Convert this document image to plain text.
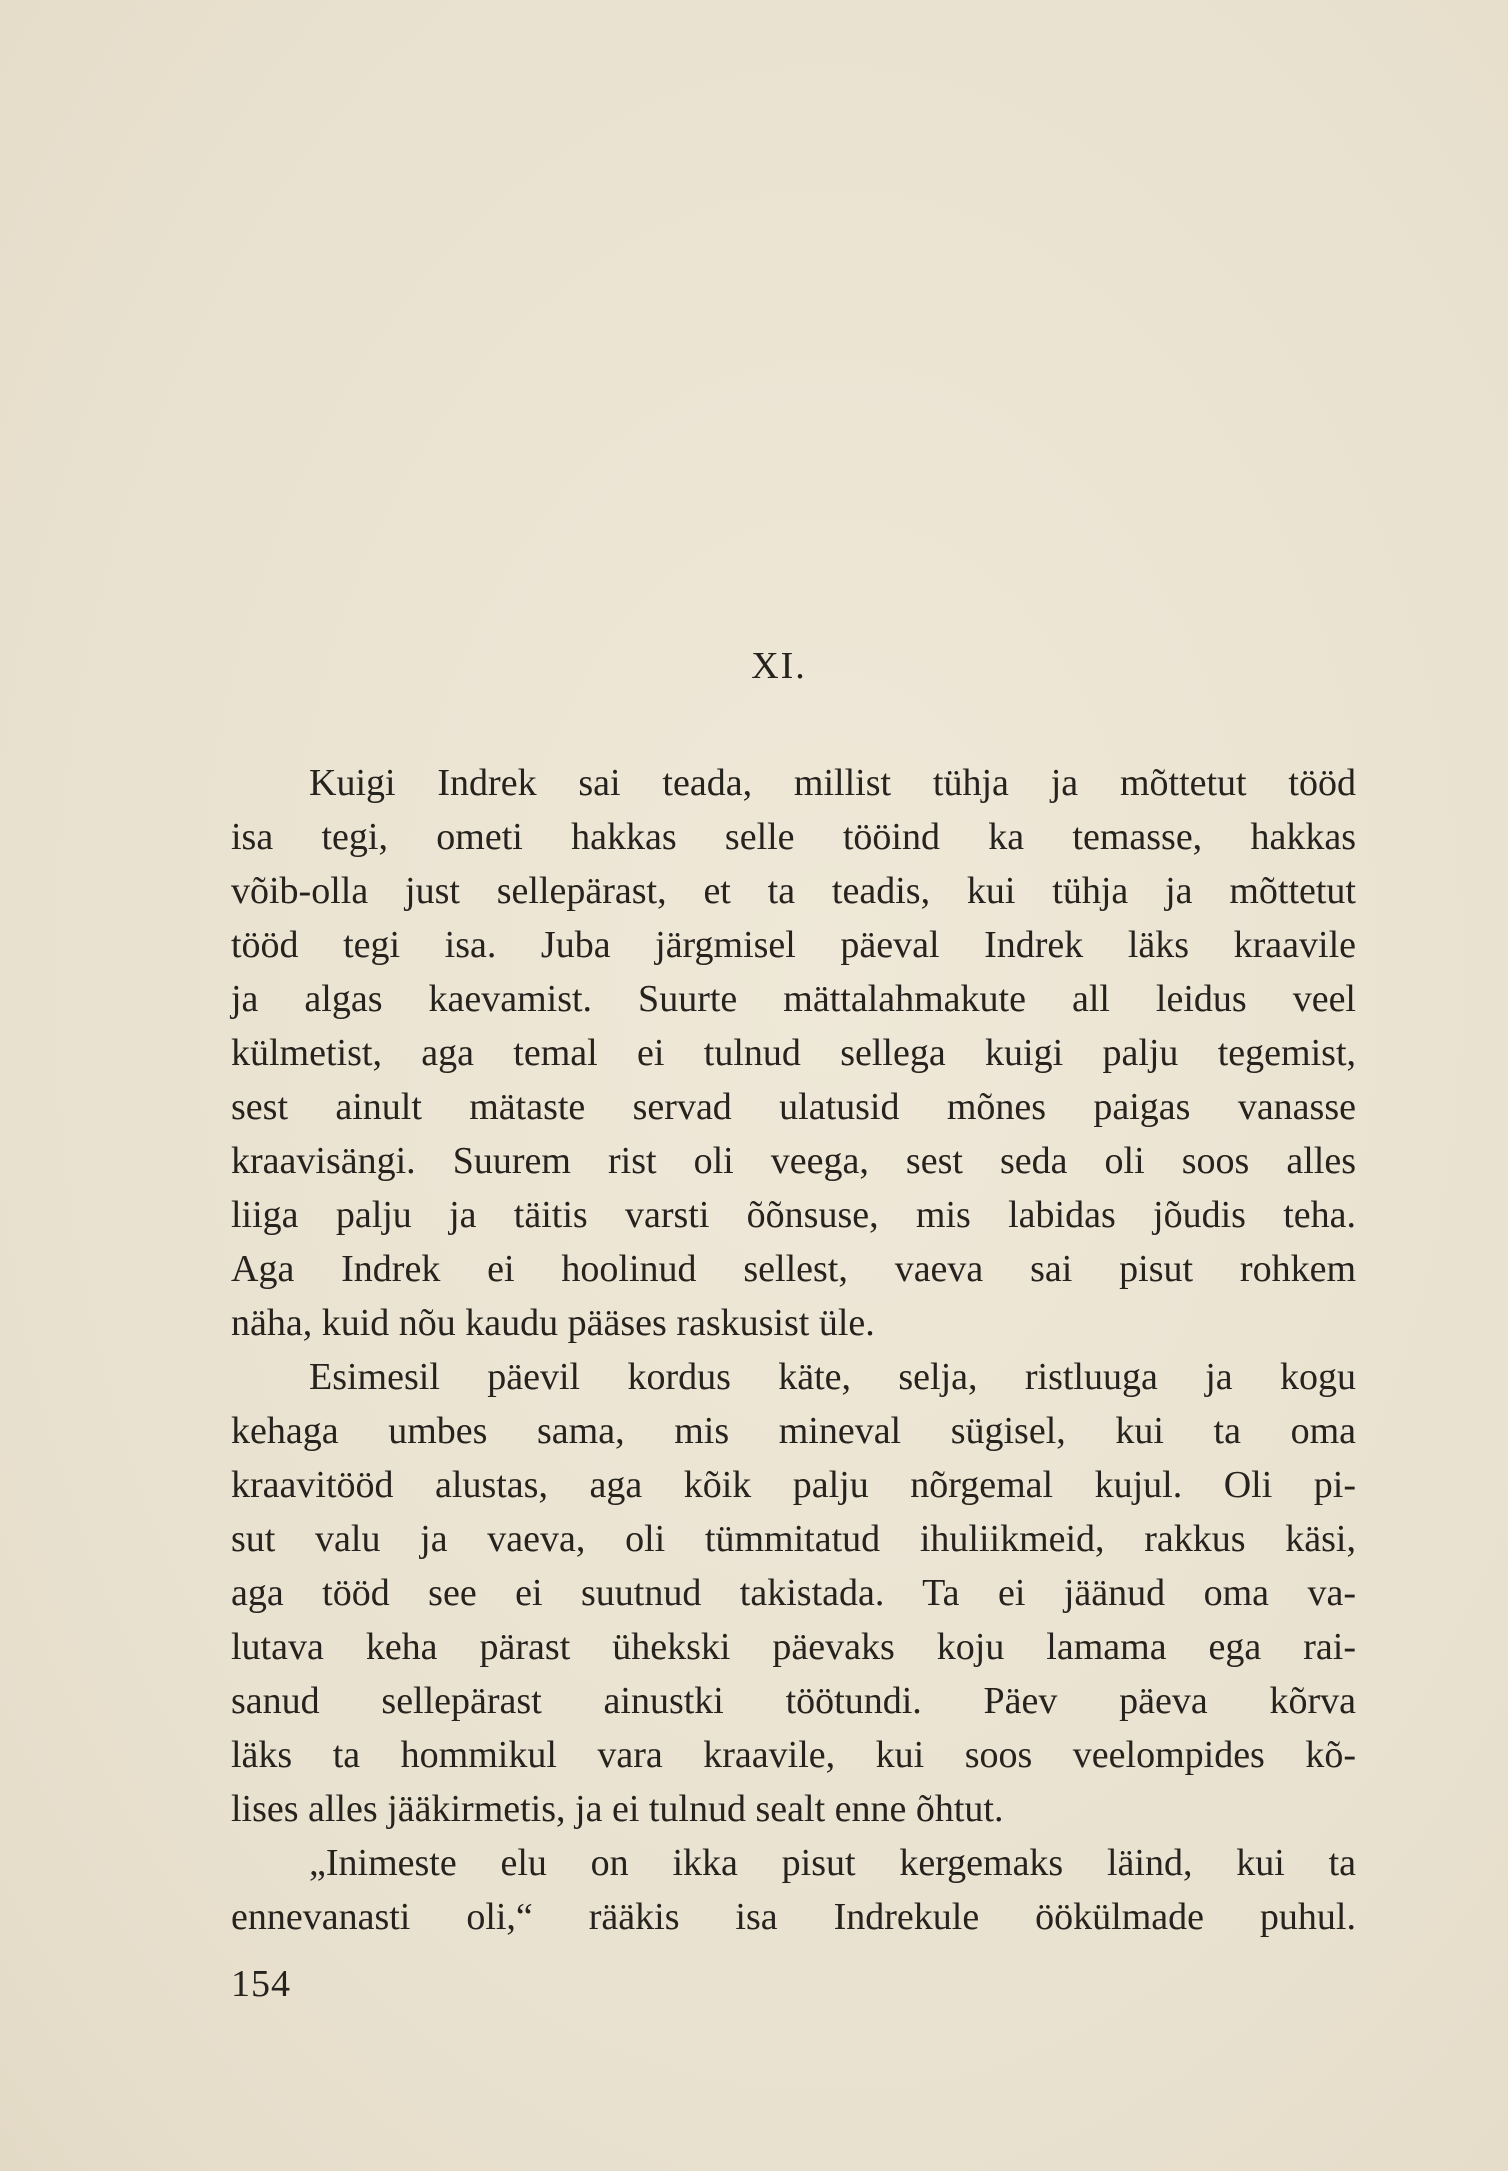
XI.
Kuigi Indrek sai teada, millist tühja ja mõttetut tööd
isa tegi, ometi hakkas selle tööind ka temasse, hakkas
võib-olla just sellepärast, et ta teadis, kui tühja ja mõttetut
tööd tegi isa. Juba järgmisel päeval Indrek läks kraavile
ja algas kaevamist. Suurte mättalahmakute all leidus veel
külmetist, aga temal ei tulnud sellega kuigi palju tegemist,
sest ainult mätaste servad ulatusid mõnes paigas vanasse
kraavisängi. Suurem rist oli veega, sest seda oli soos alles
liiga palju ja täitis varsti õõnsuse, mis labidas jõudis teha.
Aga Indrek ei hoolinud sellest, vaeva sai pisut rohkem
näha, kuid nõu kaudu pääses raskusist üle.
Esimesil päevil kordus käte, selja, ristluuga ja kogu
kehaga umbes sama, mis mineval sügisel, kui ta oma
kraavitööd alustas, aga kõik palju nõrgemal kujul. Oli pi-
sut valu ja vaeva, oli tümmitatud ihuliikmeid, rakkus käsi,
aga tööd see ei suutnud takistada. Ta ei jäänud oma va-
lutava keha pärast ühekski päevaks koju lamama ega rai-
sanud sellepärast ainustki töötundi. Päev päeva kõrva
läks ta hommikul vara kraavile, kui soos veelompides kõ-
lises alles jääkirmetis, ja ei tulnud sealt enne õhtut.
„Inimeste elu on ikka pisut kergemaks läind, kui ta
ennevanasti oli,“ rääkis isa Indrekule öökülmade puhul.
154
